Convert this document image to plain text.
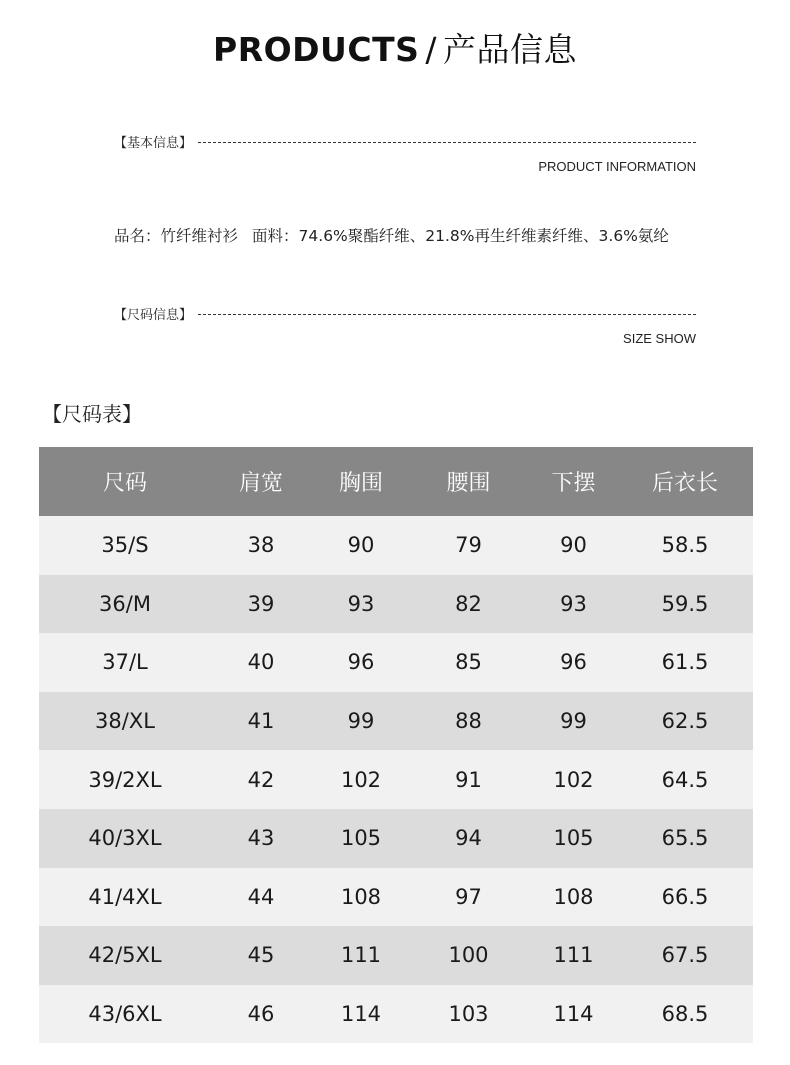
PRODUCTS / 产品信息
【基本信息】
PRODUCT INFORMATION
品名：竹纤维衬衫 面料：74.6%聚酯纤维、21.8%再生纤维素纤维、3.6%氨纶
【尺码信息】
SIZE SHOW
【尺码表】
尺码	肩宽	胸围	腰围	下摆	后衣长
35/S	38	90	79	90	58.5
36/M	39	93	82	93	59.5
37/L	40	96	85	96	61.5
38/XL	41	99	88	99	62.5
39/2XL	42	102	91	102	64.5
40/3XL	43	105	94	105	65.5
41/4XL	44	108	97	108	66.5
42/5XL	45	111	100	111	67.5
43/6XL	46	114	103	114	68.5
